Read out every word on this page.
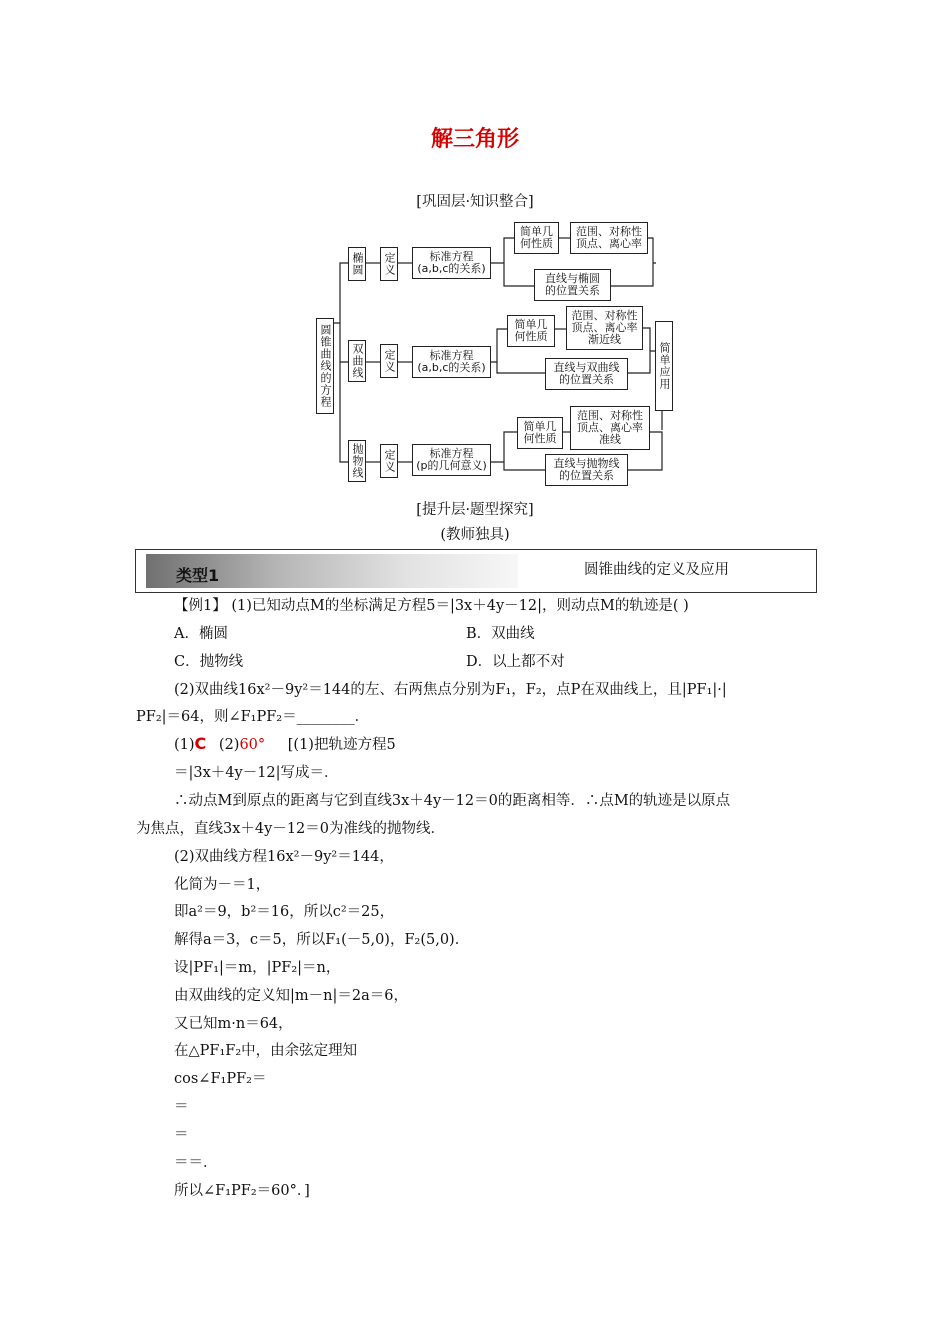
解三角形
[巩固层·知识整合]
圆锥曲线的方程	简单应用
椭圆 定义	标准方程
(a,b,c的关系)
简单几
何性质
范围、对称性
顶点、离心率
直线与椭圆
的位置关系
双曲线 定义	标准方程
(a,b,c的关系)
简单几
何性质
范围、对称性
顶点、离心率
渐近线
直线与双曲线
的位置关系
抛物线 定义	标准方程
(p的几何意义)
简单几
何性质
范围、对称性
顶点、离心率
准线
直线与抛物线
的位置关系
[提升层·题型探究]
(教师独具)
类型1	圆锥曲线的定义及应用
【例1】 (1)已知动点M的坐标满足方程5＝|3x＋4y－12|，则动点M的轨迹是( )
A．椭圆	B．双曲线
C．抛物线	D．以上都不对
(2)双曲线16x²－9y²＝144的左、右两焦点分别为F₁，F₂，点P在双曲线上，且|PF₁|·|
PF₂|＝64，则∠F₁PF₂＝________．
(1)C (2)60° [(1)把轨迹方程5
＝|3x＋4y－12|写成＝．
∴动点M到原点的距离与它到直线3x＋4y－12＝0的距离相等．∴点M的轨迹是以原点
为焦点，直线3x＋4y－12＝0为准线的抛物线．
(2)双曲线方程16x²－9y²＝144，
化简为－＝1，
即a²＝9，b²＝16，所以c²＝25，
解得a＝3，c＝5，所以F₁(－5,0)，F₂(5,0)．
设|PF₁|＝m，|PF₂|＝n，
由双曲线的定义知|m－n|＝2a＝6，
又已知m·n＝64，
在△PF₁F₂中，由余弦定理知
cos∠F₁PF₂＝
＝
＝
＝＝．
所以∠F₁PF₂＝60°．]
